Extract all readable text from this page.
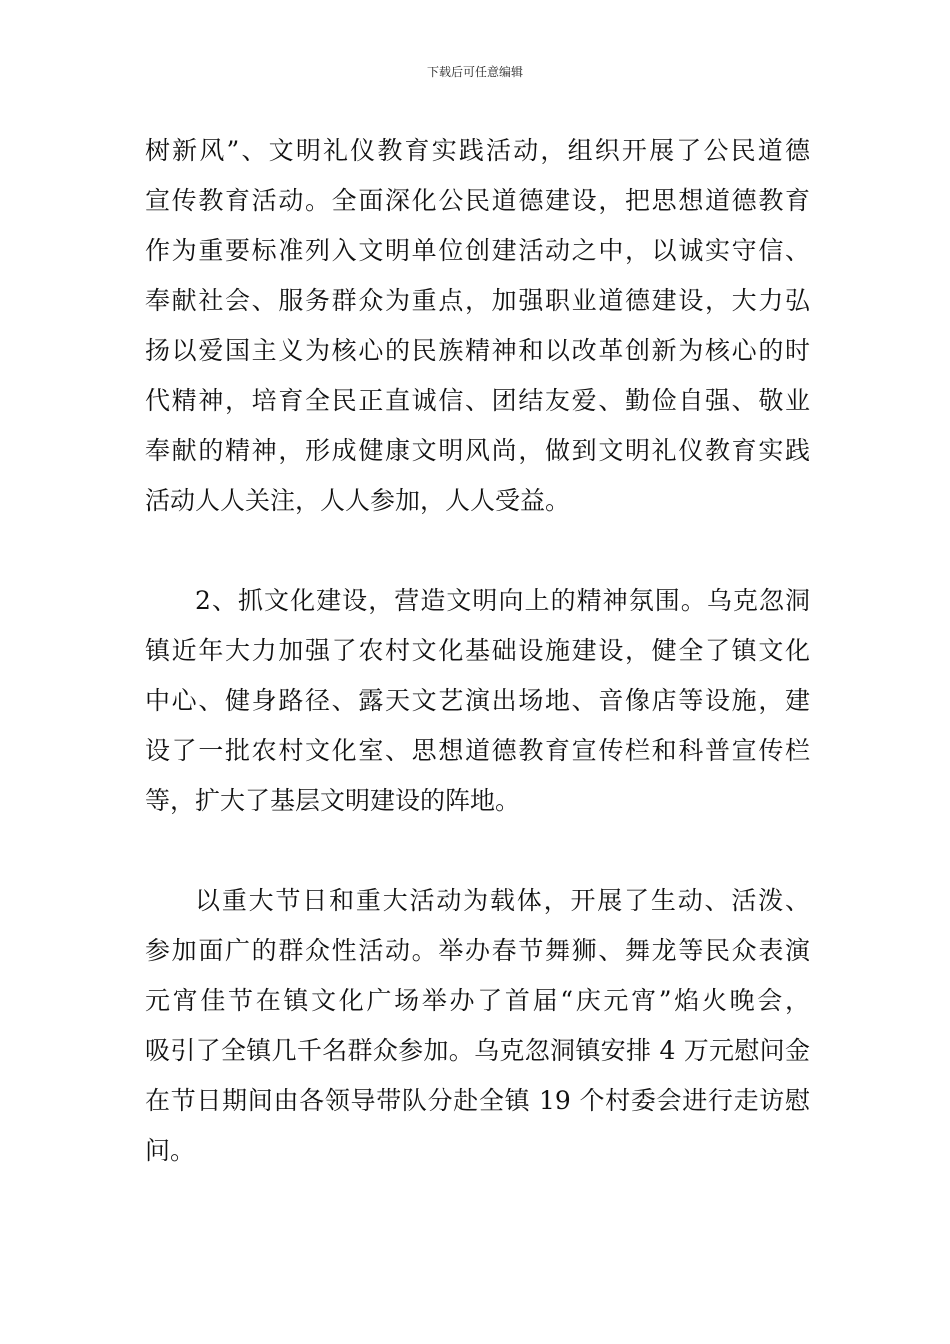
下载后可任意编辑
树新风”、文明礼仪教育实践活动，组织开展了公民道德
宣传教育活动。全面深化公民道德建设，把思想道德教育
作为重要标准列入文明单位创建活动之中，以诚实守信、
奉献社会、服务群众为重点，加强职业道德建设，大力弘
扬以爱国主义为核心的民族精神和以改革创新为核心的时
代精神，培育全民正直诚信、团结友爱、勤俭自强、敬业
奉献的精神，形成健康文明风尚，做到文明礼仪教育实践
活动人人关注，人人参加，人人受益。
2、抓文化建设，营造文明向上的精神氛围。乌克忽洞
镇近年大力加强了农村文化基础设施建设，健全了镇文化
中心、健身路径、露天文艺演出场地、音像店等设施，建
设了一批农村文化室、思想道德教育宣传栏和科普宣传栏
等，扩大了基层文明建设的阵地。
以重大节日和重大活动为载体，开展了生动、活泼、
参加面广的群众性活动。举办春节舞狮、舞龙等民众表演
元宵佳节在镇文化广场举办了首届“庆元宵”焰火晚会，
吸引了全镇几千名群众参加。乌克忽洞镇安排 4 万元慰问金
在节日期间由各领导带队分赴全镇 19 个村委会进行走访慰
问。
